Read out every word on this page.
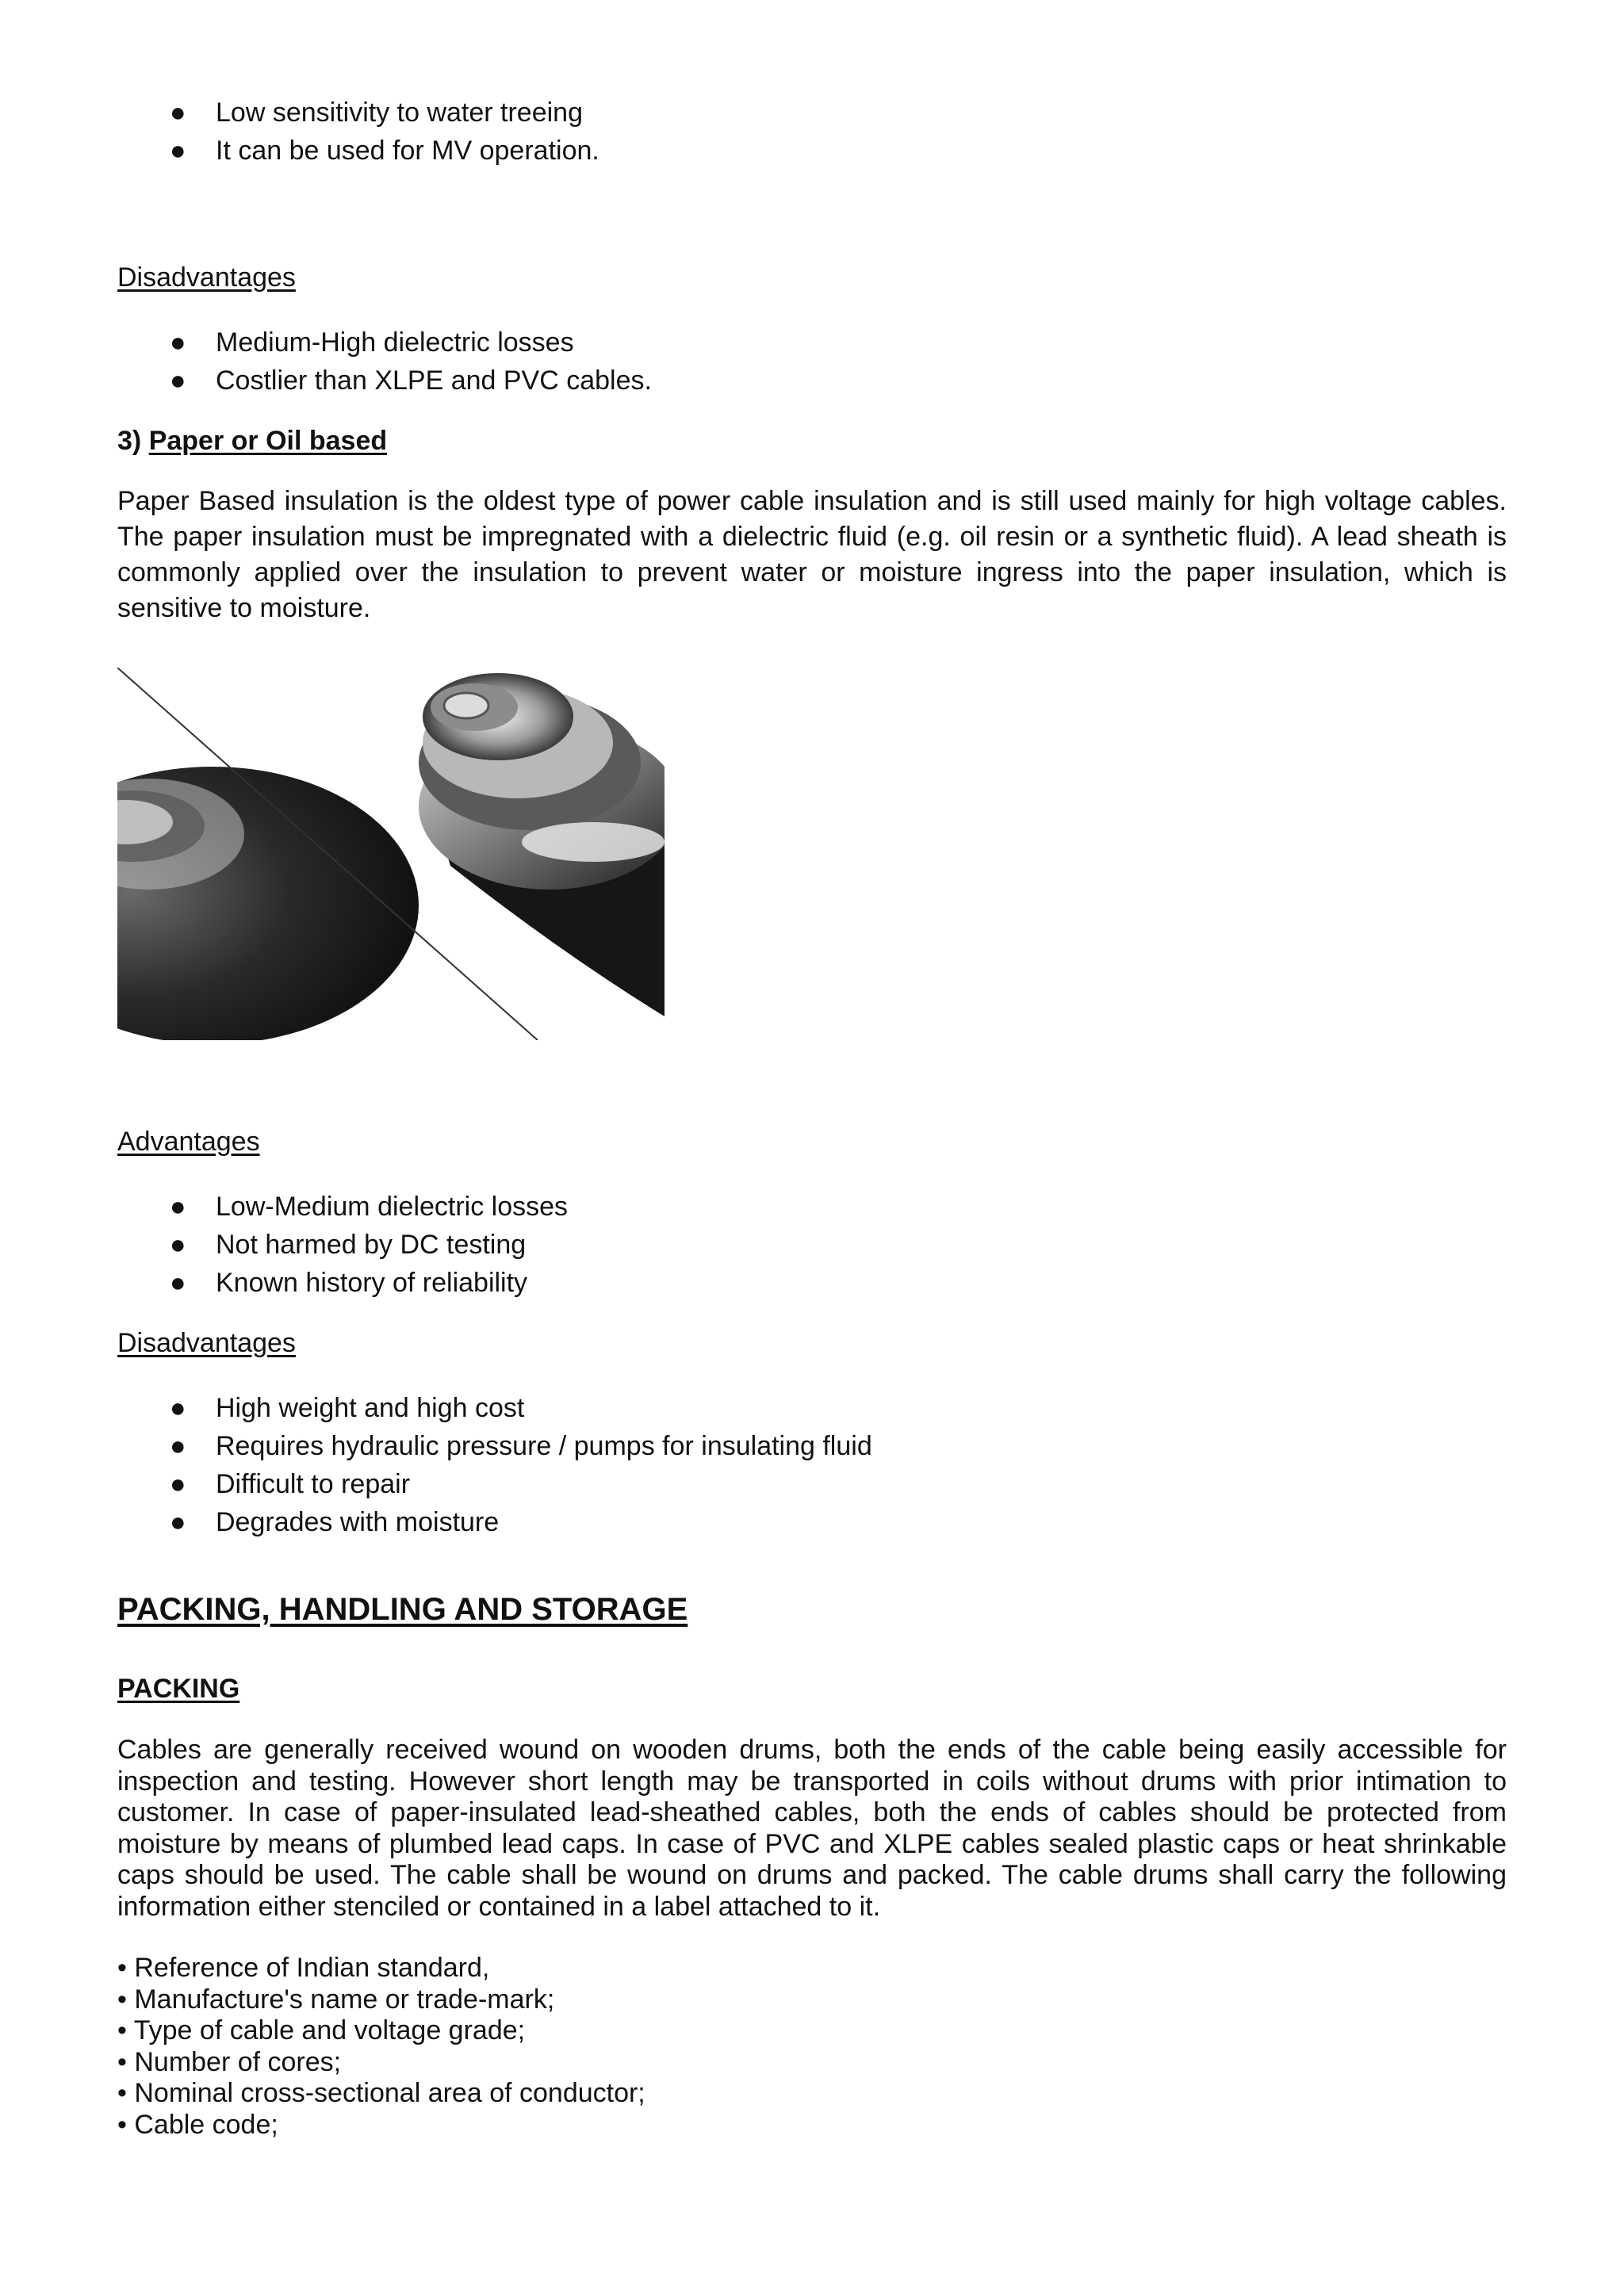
● Low sensitivity to water treeing
● It can be used for MV operation.
Disadvantages
● Medium-High dielectric losses
● Costlier than XLPE and PVC cables.
3) Paper or Oil based

Paper Based insulation is the oldest type of power cable insulation and is still used mainly for high voltage cables. The paper insulation must be impregnated with a dielectric fluid (e.g. oil resin or a synthetic fluid). A lead sheath is commonly applied over the insulation to prevent water or moisture ingress into the paper insulation, which is sensitive to moisture.

Advantages
● Low-Medium dielectric losses
● Not harmed by DC testing
● Known history of reliability
Disadvantages
● High weight and high cost
● Requires hydraulic pressure / pumps for insulating fluid
● Difficult to repair
● Degrades with moisture
PACKING, HANDLING AND STORAGE
PACKING

Cables are generally received wound on wooden drums, both the ends of the cable being easily accessible for inspection and testing. However short length may be transported in coils without drums with prior intimation to customer. In case of paper-insulated lead-sheathed cables, both the ends of cables should be protected from moisture by means of plumbed lead caps. In case of PVC and XLPE cables sealed plastic caps or heat shrinkable caps should be used. The cable shall be wound on drums and packed. The cable drums shall carry the following information either stenciled or contained in a label attached to it.

• Reference of Indian standard,
• Manufacture's name or trade-mark;
• Type of cable and voltage grade;
• Number of cores;
• Nominal cross-sectional area of conductor;
• Cable code;
